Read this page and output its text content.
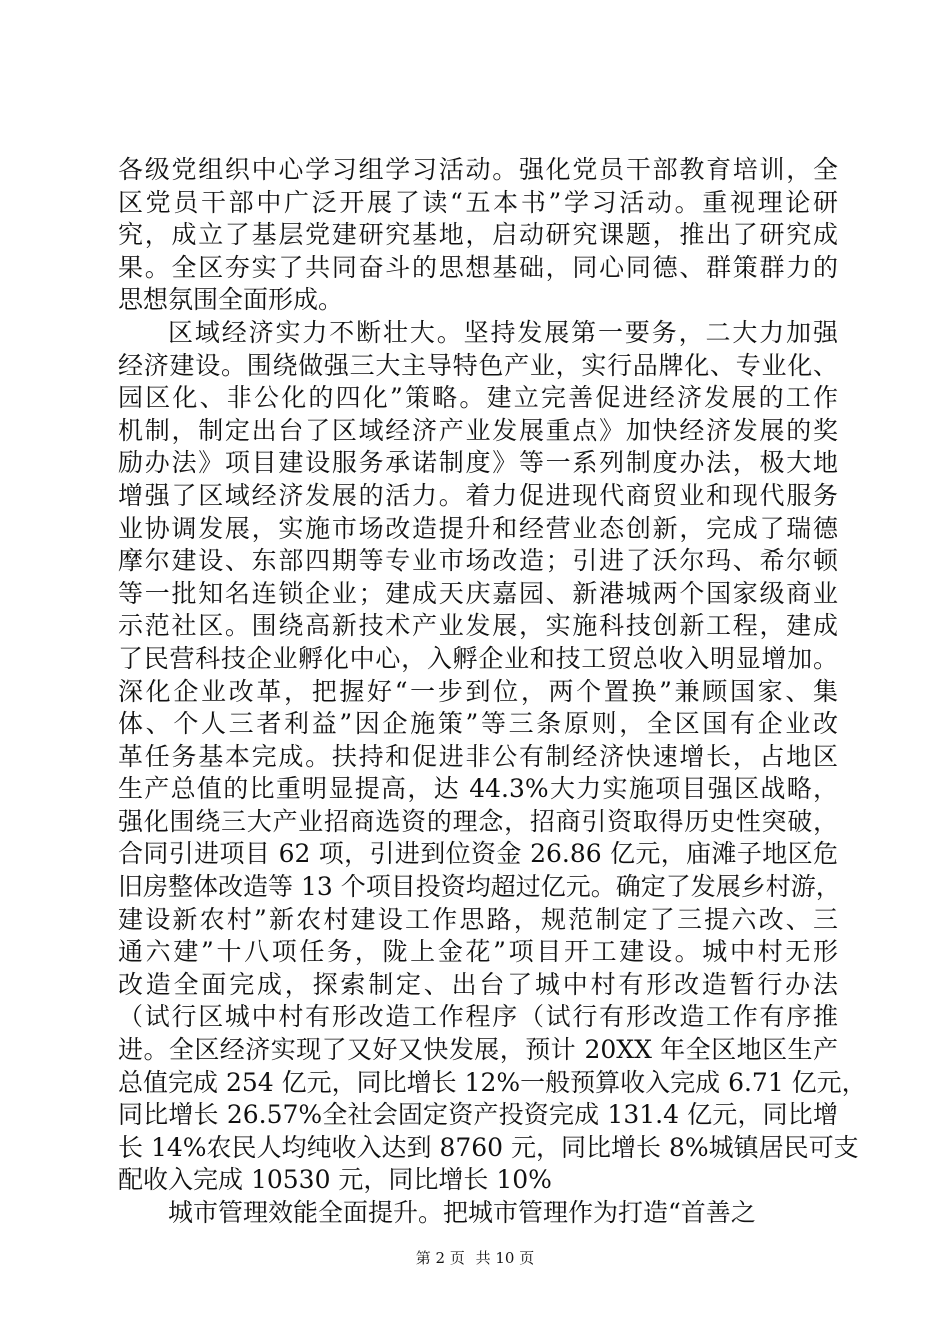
各级党组织中心学习组学习活动。强化党员干部教育培训，全
区党员干部中广泛开展了读“五本书”学习活动。重视理论研
究，成立了基层党建研究基地，启动研究课题，推出了研究成
果。全区夯实了共同奋斗的思想基础，同心同德、群策群力的
思想氛围全面形成。
区域经济实力不断壮大。坚持发展第一要务，二大力加强
经济建设。围绕做强三大主导特色产业，实行品牌化、专业化、
园区化、非公化的四化”策略。建立完善促进经济发展的工作
机制，制定出台了区域经济产业发展重点》加快经济发展的奖
励办法》项目建设服务承诺制度》等一系列制度办法，极大地
增强了区域经济发展的活力。着力促进现代商贸业和现代服务
业协调发展，实施市场改造提升和经营业态创新，完成了瑞德
摩尔建设、东部四期等专业市场改造；引进了沃尔玛、希尔顿
等一批知名连锁企业；建成天庆嘉园、新港城两个国家级商业
示范社区。围绕高新技术产业发展，实施科技创新工程，建成
了民营科技企业孵化中心，入孵企业和技工贸总收入明显增加。
深化企业改革，把握好“一步到位，两个置换”兼顾国家、集
体、个人三者利益”因企施策”等三条原则，全区国有企业改
革任务基本完成。扶持和促进非公有制经济快速增长，占地区
生产总值的比重明显提高，达 44.3%大力实施项目强区战略，
强化围绕三大产业招商选资的理念，招商引资取得历史性突破，
合同引进项目 62 项，引进到位资金 26.86 亿元，庙滩子地区危
旧房整体改造等 13 个项目投资均超过亿元。确定了发展乡村游，
建设新农村”新农村建设工作思路，规范制定了三提六改、三
通六建”十八项任务，陇上金花”项目开工建设。城中村无形
改造全面完成，探索制定、出台了城中村有形改造暂行办法
（试行区城中村有形改造工作程序（试行有形改造工作有序推
进。全区经济实现了又好又快发展，预计 20XX 年全区地区生产
总值完成 254 亿元，同比增长 12%一般预算收入完成 6.71 亿元，
同比增长 26.57%全社会固定资产投资完成 131.4 亿元，同比增
长 14%农民人均纯收入达到 8760 元，同比增长 8%城镇居民可支
配收入完成 10530 元，同比增长 10%
城市管理效能全面提升。把城市管理作为打造“首善之
第 2 页 共 10 页
